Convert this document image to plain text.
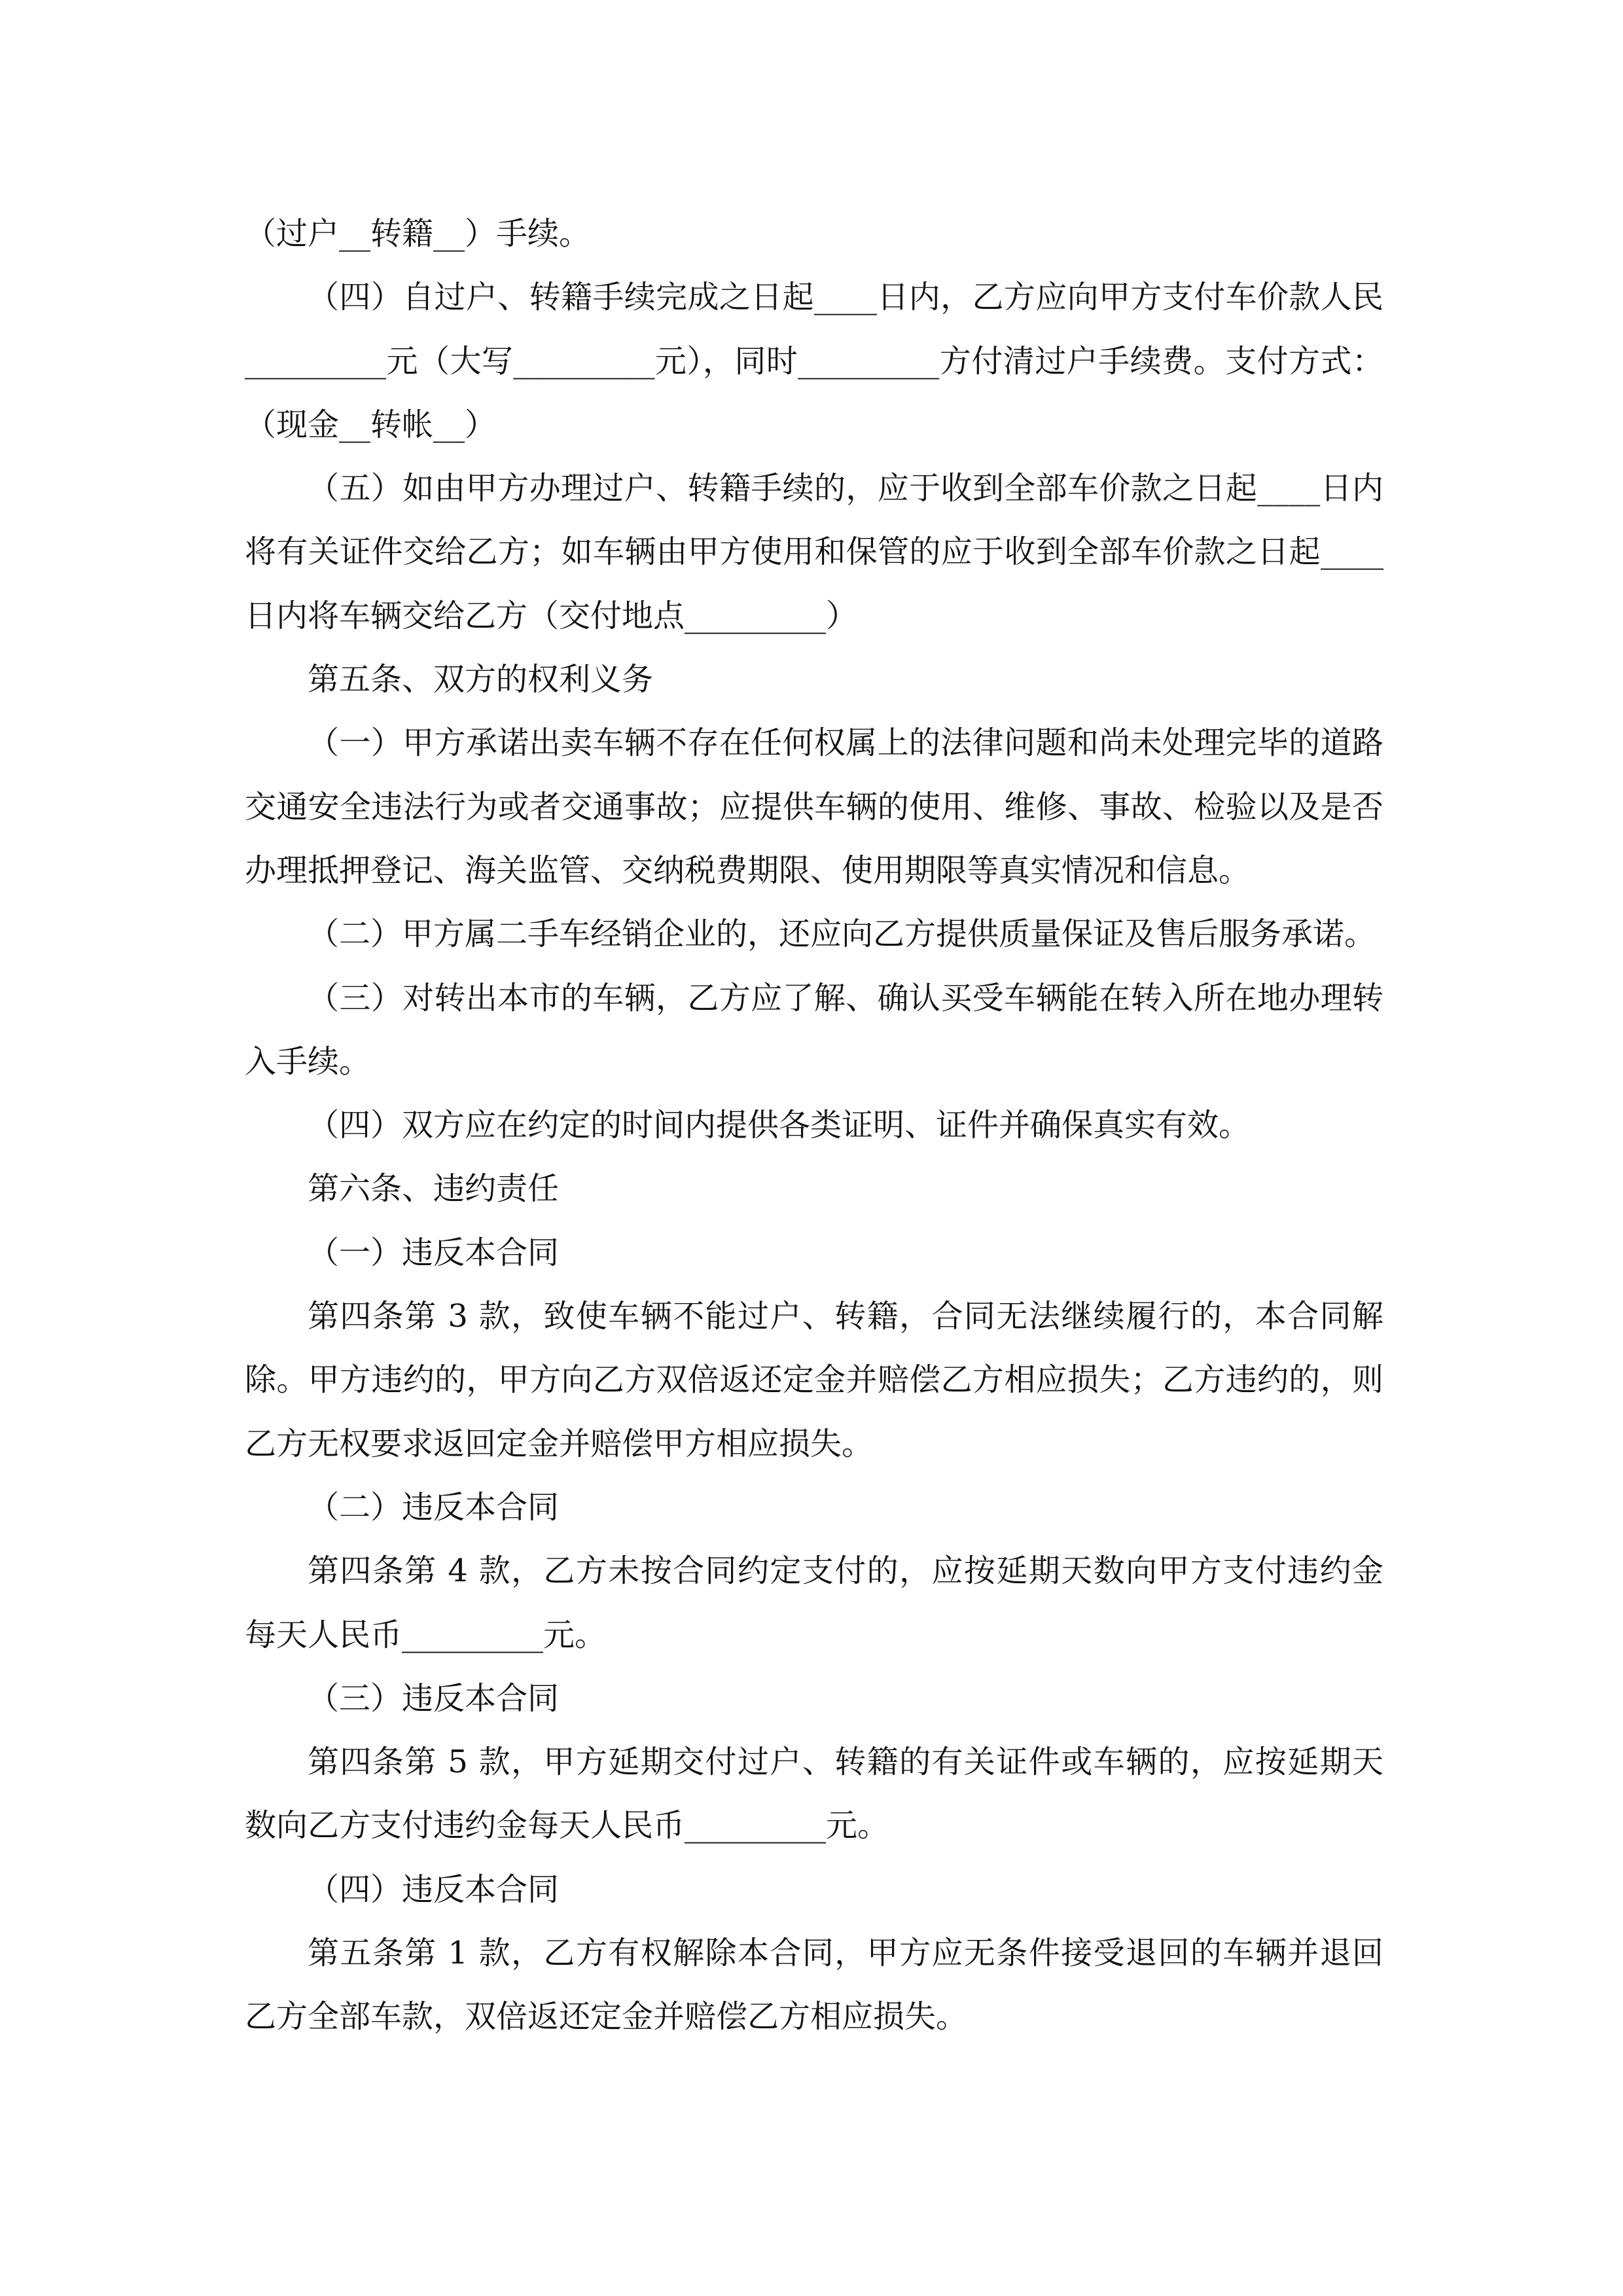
（过户__转籍__）手续。

（四）自过户、转籍手续完成之日起____日内，乙方应向甲方支付车价款人民_________元（大写_________元），同时_________方付清过户手续费。支付方式：（现金__转帐__）

（五）如由甲方办理过户、转籍手续的，应于收到全部车价款之日起____日内将有关证件交给乙方；如车辆由甲方使用和保管的应于收到全部车价款之日起____日内将车辆交给乙方（交付地点_________）

第五条、双方的权利义务

（一）甲方承诺出卖车辆不存在任何权属上的法律问题和尚未处理完毕的道路交通安全违法行为或者交通事故；应提供车辆的使用、维修、事故、检验以及是否办理抵押登记、海关监管、交纳税费期限、使用期限等真实情况和信息。

（二）甲方属二手车经销企业的，还应向乙方提供质量保证及售后服务承诺。

（三）对转出本市的车辆，乙方应了解、确认买受车辆能在转入所在地办理转入手续。

（四）双方应在约定的时间内提供各类证明、证件并确保真实有效。

第六条、违约责任

（一）违反本合同

第四条第 3 款，致使车辆不能过户、转籍，合同无法继续履行的，本合同解除。甲方违约的，甲方向乙方双倍返还定金并赔偿乙方相应损失；乙方违约的，则乙方无权要求返回定金并赔偿甲方相应损失。

（二）违反本合同

第四条第 4 款，乙方未按合同约定支付的，应按延期天数向甲方支付违约金每天人民币_________元。

（三）违反本合同

第四条第 5 款，甲方延期交付过户、转籍的有关证件或车辆的，应按延期天数向乙方支付违约金每天人民币_________元。

（四）违反本合同

第五条第 1 款，乙方有权解除本合同，甲方应无条件接受退回的车辆并退回乙方全部车款，双倍返还定金并赔偿乙方相应损失。
